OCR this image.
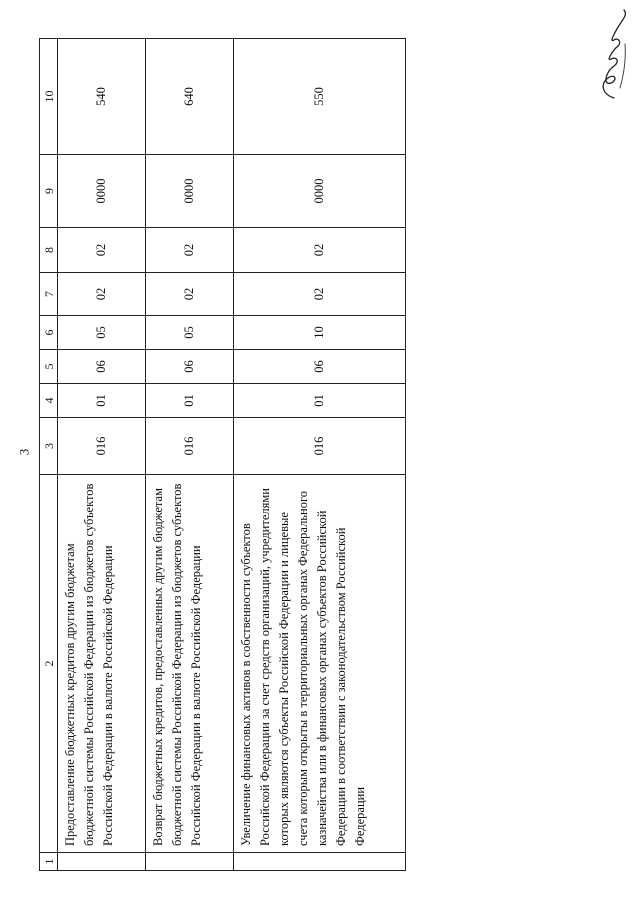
1	2	3	4	5	6	7	8	9	10
	Предоставление бюджетных кредитов другим бюджетам бюджетной системы Российской Федерации из бюджетов субъектов Российской Федерации в валюте Российской Федерации	016	01	06	05	02	02	0000	540
	Возврат бюджетных кредитов, предоставленных другим бюджетам бюджетной системы Российской Федерации из бюджетов субъектов Российской Федерации в валюте Российской Федерации	016	01	06	05	02	02	0000	640
	Увеличение финансовых активов в собственности субъектов Российской Федерации за счет средств организаций, учредителями которых являются субъекты Российской Федерации и лицевые счета которым открыты в территориальных органах Федерального казначейства или в финансовых органах субъектов Российской Федерации в соответствии с законодательством Российской Федерации	016	01	06	10	02	02	0000	550
3
